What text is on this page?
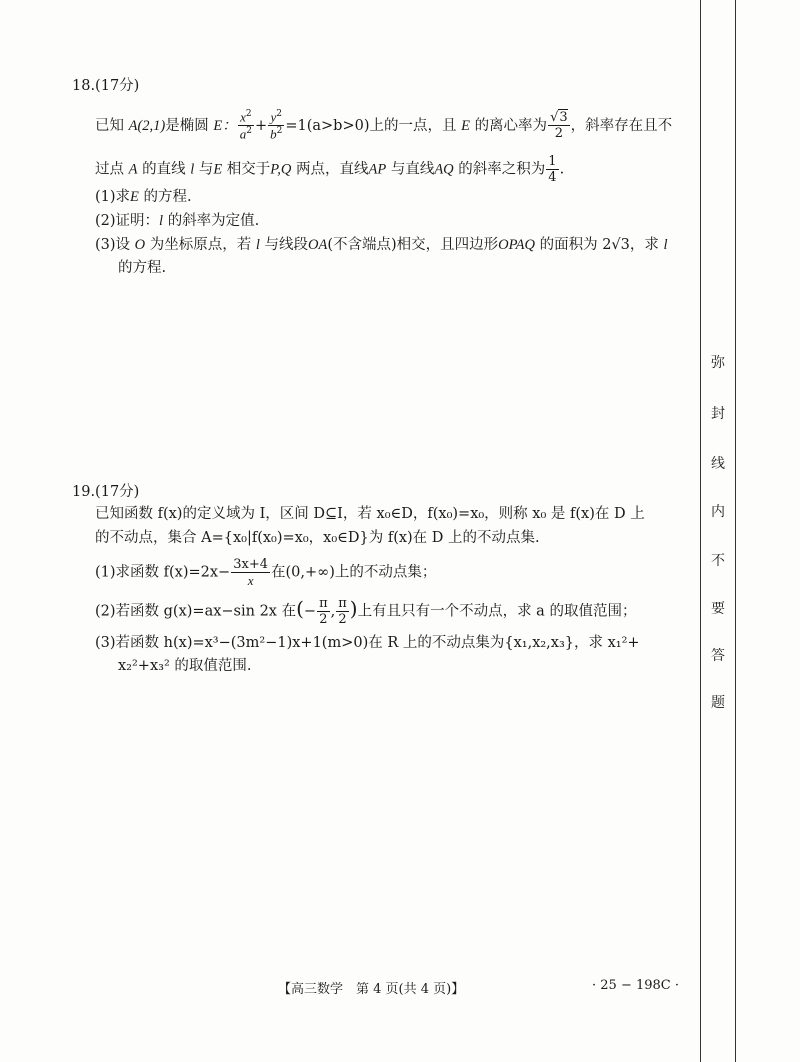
18.(17分)
已知 A(2,1)是椭圆 E： $\frac{x^2}{a^2} + \frac{y^2}{b^2} =1(a>b>0)$上的一点，且 E 的离心率为 $\frac{√3}{2}$ ，斜率存在且不
过点 A 的直线 l 与E 相交于P,Q 两点，直线AP 与直线AQ 的斜率之积为 $\frac{1}{4}$ .
(1)求E 的方程.
(2)证明：l 的斜率为定值.
(3)设 O 为坐标原点，若 l 与线段OA(不含端点)相交，且四边形OPAQ 的面积为 2√3，求 l
的方程.
19.(17分)
已知函数 f(x)的定义域为 I，区间 D⊆I，若 x₀∈D，f(x₀)=x₀，则称 x₀ 是 f(x)在 D 上
的不动点，集合 A={x₀|f(x₀)=x₀，x₀∈D}为 f(x)在 D 上的不动点集.
(1)求函数 $f(x)=2x- \frac{3x+4}{x}$ 在(0,+∞)上的不动点集；
(2)若函数 g(x)=ax−sin 2x 在(− $\frac{\pi}{2}$ , $\frac{\pi}{2}$ )上有且只有一个不动点，求 a 的取值范围；
(3)若函数 h(x)=x³−(3m²−1)x+1(m>0)在 R 上的不动点集为{x₁,x₂,x₃}，求 x₁²+
x₂²+x₃² 的取值范围.
弥
封
线
内
不
要
答
题
【高三数学　第 4 页(共 4 页)】	· 25 − 198C ·
